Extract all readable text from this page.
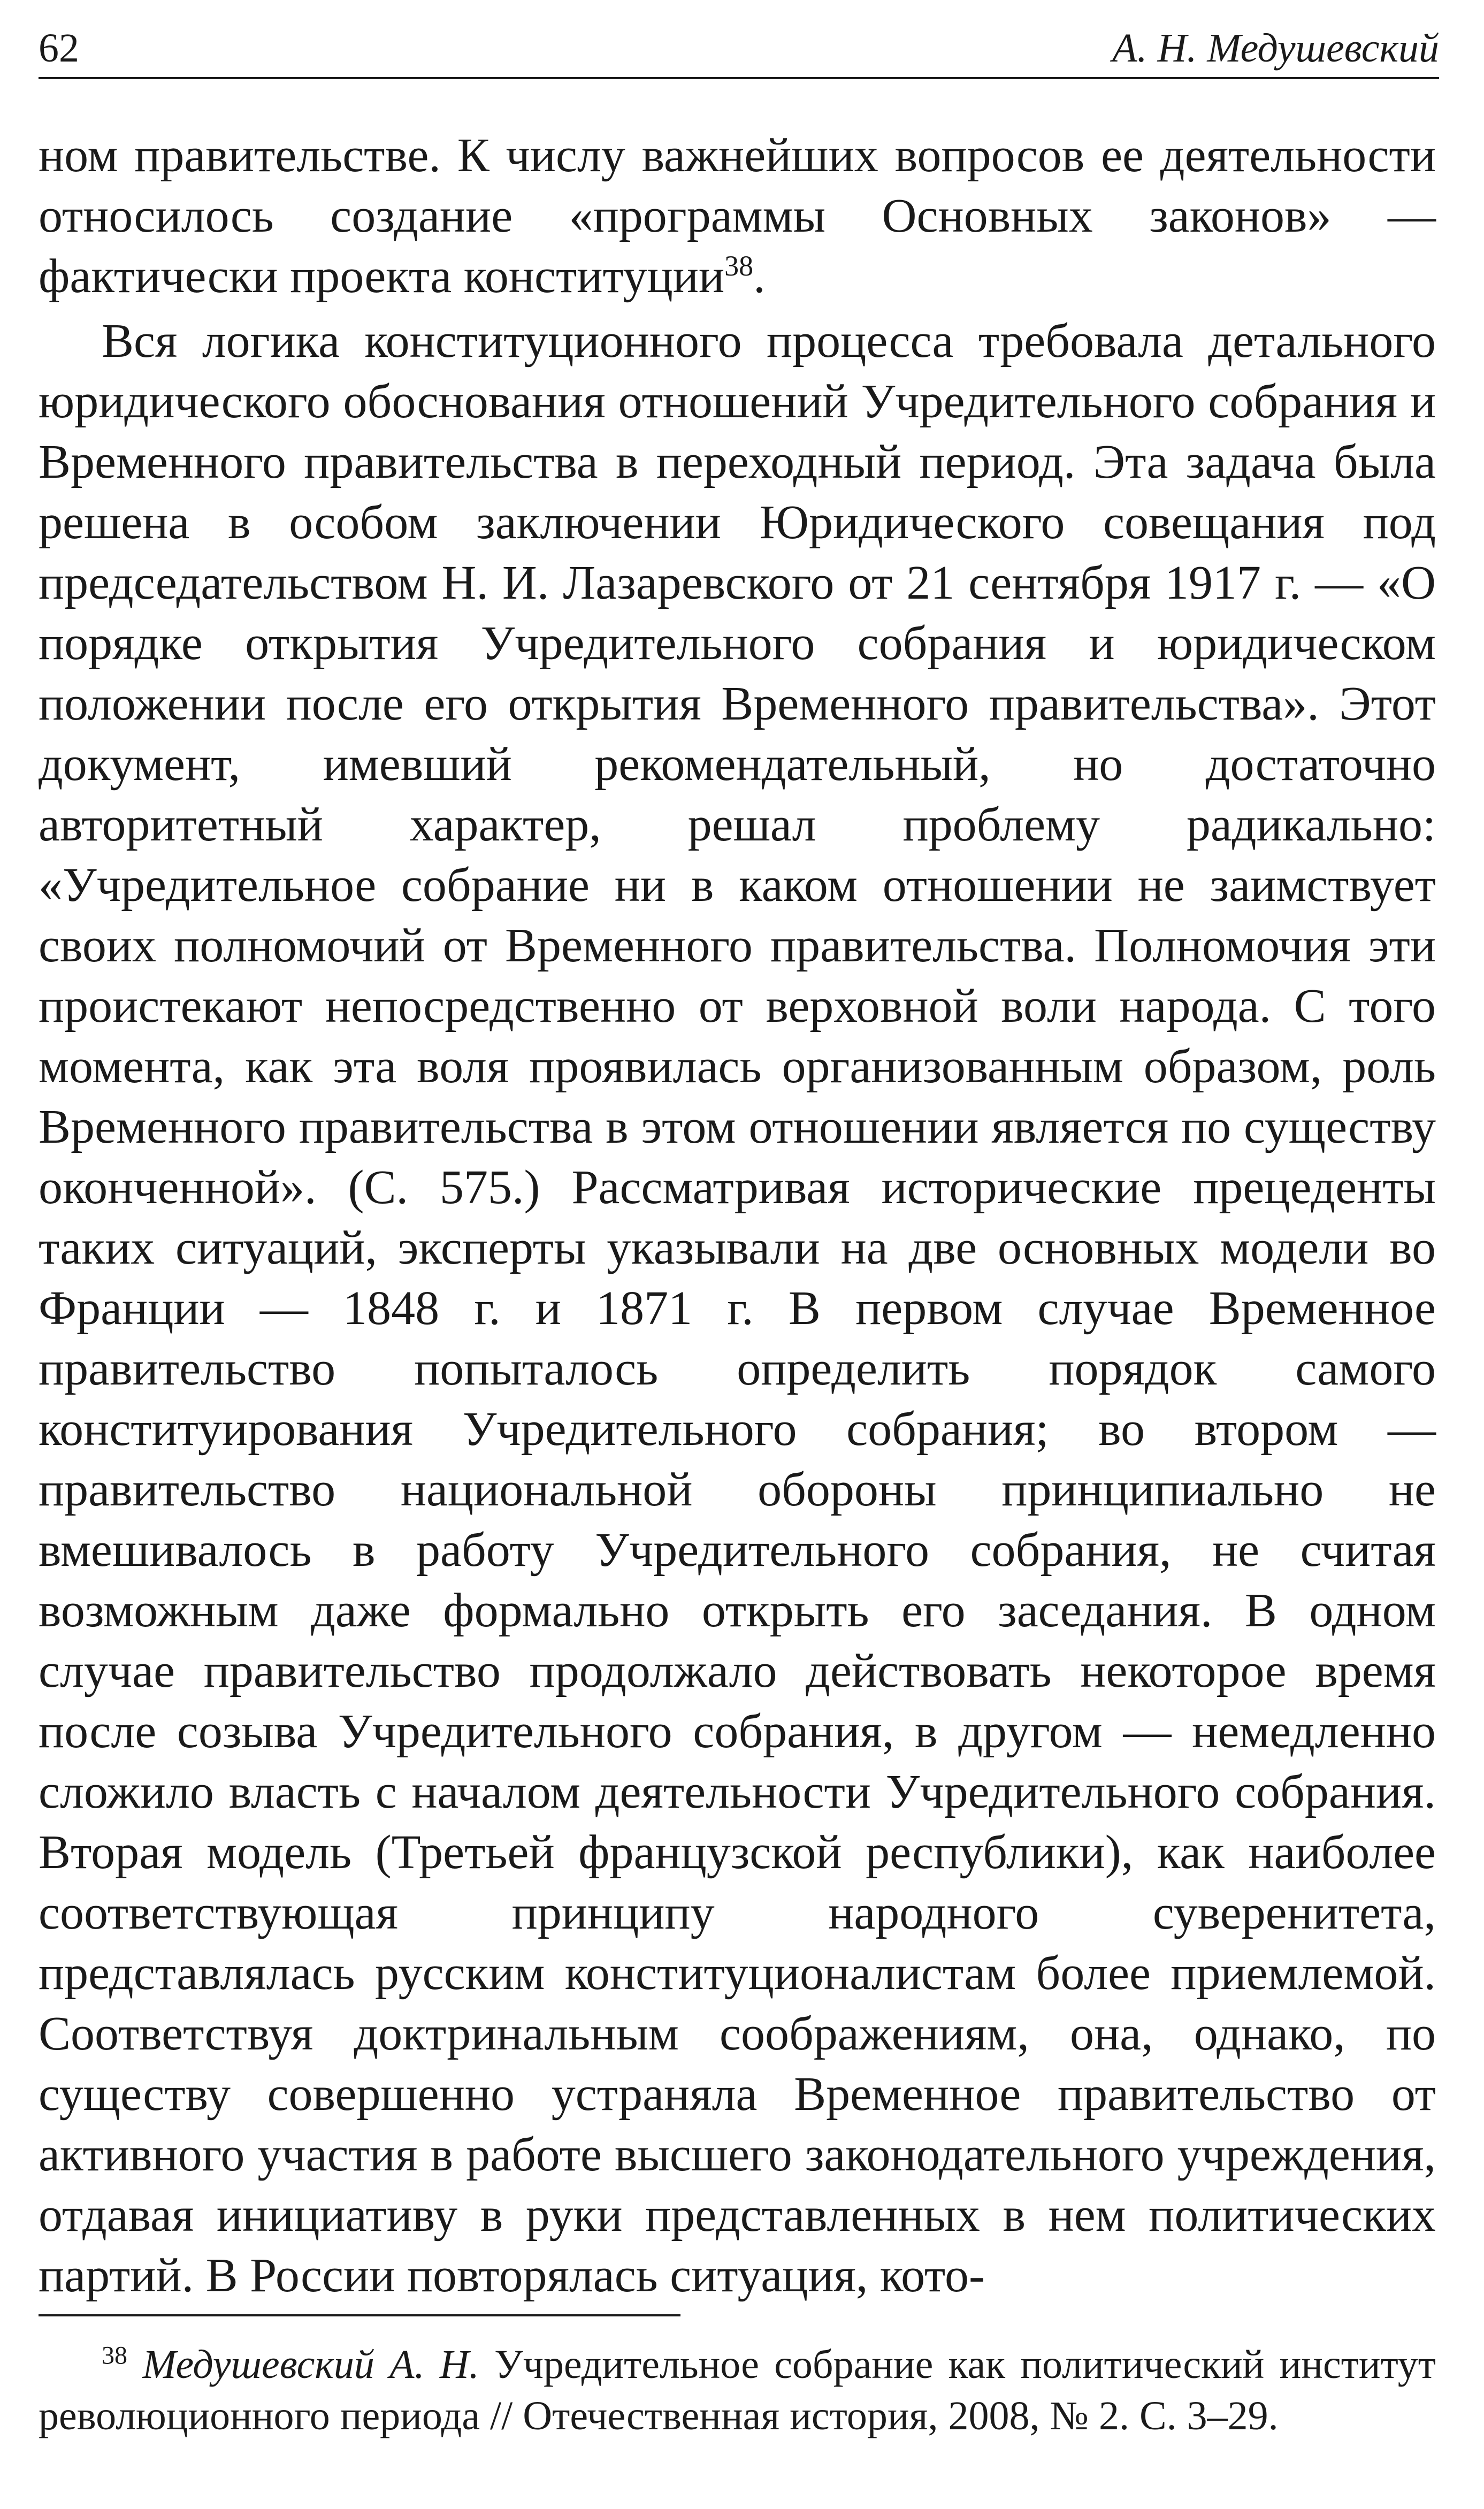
62	А. Н. Медушевский

ном правительстве. К числу важнейших вопросов ее деятельности относилось создание «программы Основных законов» — фактически проекта конституции$^{38}$.

Вся логика конституционного процесса требовала детального юридического обоснования отношений Учредительного собрания и Временного правительства в переходный период. Эта задача была решена в особом заключении Юридического совещания под председательством Н. И. Лазаревского от 21 сентября 1917 г. — «О порядке открытия Учредительного собрания и юридическом положении после его открытия Временного правительства». Этот документ, имевший рекомендательный, но достаточно авторитетный характер, решал проблему радикально: «Учредительное собрание ни в каком отношении не заимствует своих полномочий от Временного правительства. Полномочия эти проистекают непосредственно от верховной воли народа. С того момента, как эта воля проявилась организованным образом, роль Временного правительства в этом отношении является по существу оконченной». (С. 575.) Рассматривая исторические прецеденты таких ситуаций, эксперты указывали на две основных модели во Франции — 1848 г. и 1871 г. В первом случае Временное правительство попыталось определить порядок самого конституирования Учредительного собрания; во втором — правительство национальной обороны принципиально не вмешивалось в работу Учредительного собрания, не считая возможным даже формально открыть его заседания. В одном случае правительство продолжало действовать некоторое время после созыва Учредительного собрания, в другом — немедленно сложило власть с началом деятельности Учредительного собрания. Вторая модель (Третьей французской республики), как наиболее соответствующая принципу народного суверенитета, представлялась русским конституционалистам более приемлемой. Соответствуя доктринальным соображениям, она, однако, по существу совершенно устраняла Временное правительство от активного участия в работе высшего законодательного учреждения, отдавая инициативу в руки представленных в нем политических партий. В России повторялась ситуация, кото-

$^{38}$ Медушевский А. Н. Учредительное собрание как политический институт революционного периода // Отечественная история, 2008, № 2. С. 3–29.
